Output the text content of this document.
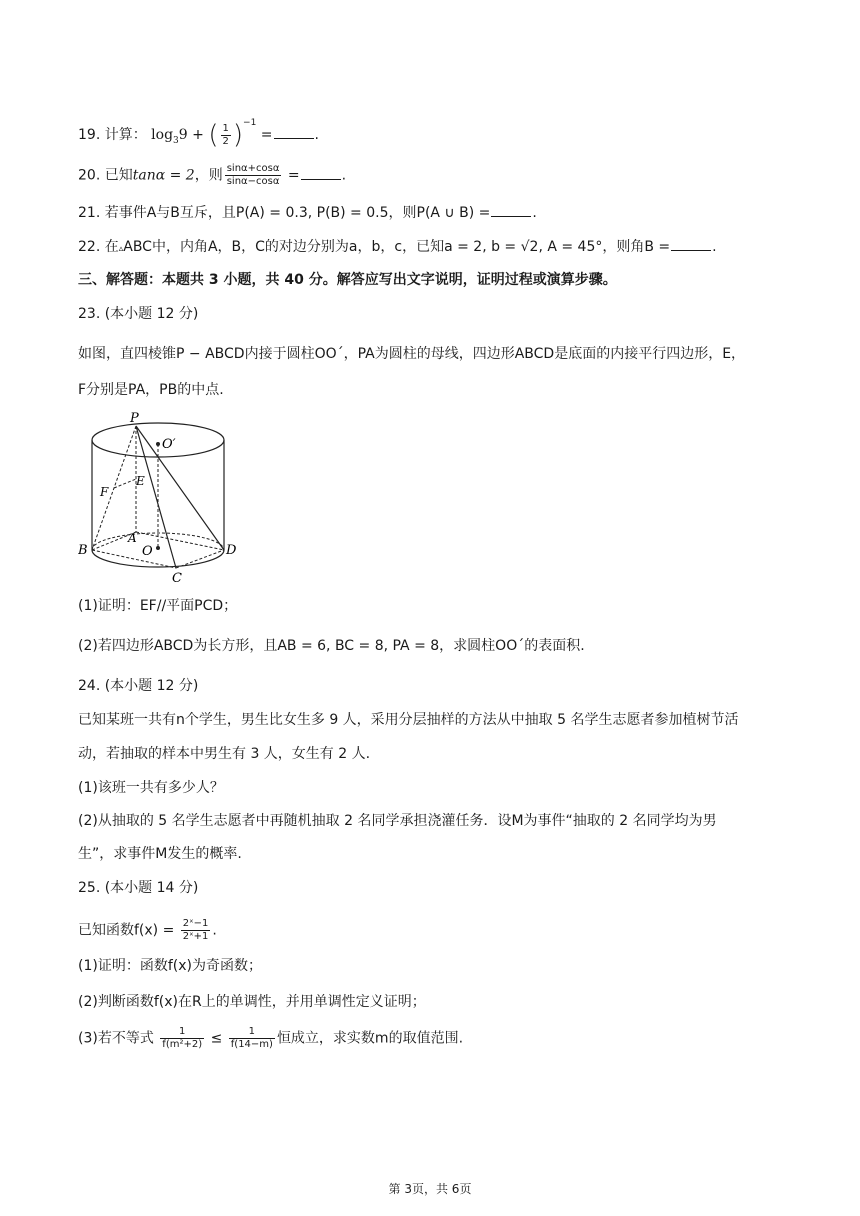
19. 计算： $\log_39$ + ( $\frac{1}{2} )^{-1}$ =	.
20. 已知tanα = 2，则 $\frac{\sin\alpha+\cos\alpha}{\sin\alpha-\cos\alpha}$ =	.
21. 若事件A与B互斥，且P(A) = 0.3, P(B) = 0.5，则P(A ∪ B) =	.
22. 在▵ABC中，内角A，B，C的对边分别为a，b，c，已知a = 2, b = √2, A = 45°，则角B =	.
三、解答题：本题共 3 小题，共 40 分。解答应写出文字说明，证明过程或演算步骤。
23. (本小题 12 分)
如图，直四棱锥P − ABCD内接于圆柱OO´，PA为圆柱的母线，四边形ABCD是底面的内接平行四边形，E，
F分别是PA，PB的中点.
P
O′
E
F
A
B	O
C
D
(1)证明：EF//平面PCD；
(2)若四边形ABCD为长方形，且AB = 6, BC = 8, PA = 8，求圆柱OO´的表面积.
24. (本小题 12 分)
已知某班一共有n个学生，男生比女生多 9 人，采用分层抽样的方法从中抽取 5 名学生志愿者参加植树节活
动，若抽取的样本中男生有 3 人，女生有 2 人.
(1)该班一共有多少人？
(2)从抽取的 5 名学生志愿者中再随机抽取 2 名同学承担浇灌任务．设M为事件“抽取的 2 名同学均为男
生”，求事件M发生的概率.
25. (本小题 14 分)
已知函数$f(x) = \frac{\text{2ˣ−1}}{\text{2ˣ+1}}$ .
(1)证明：函数f(x)为奇函数；
(2)判断函数f(x)在R上的单调性，并用单调性定义证明；
(3)若不等式 $\frac{1}{\text{f(m²+2)}} \le \frac{1}{f(14-m)}$ 恒成立，求实数m的取值范围.
第 3页，共 6页
